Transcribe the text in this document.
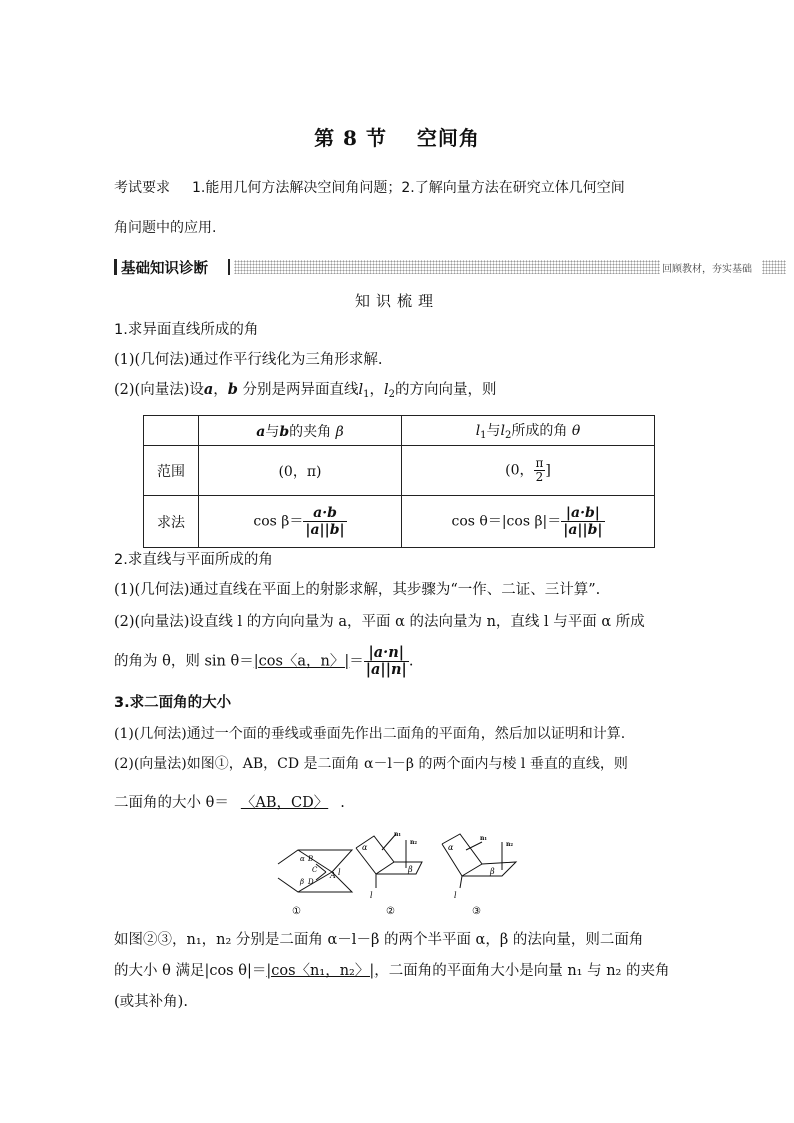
第 8 节 空间角
考试要求 1.能用几何方法解决空间角问题；2.了解向量方法在研究立体几何空间
角问题中的应用.
基础知识诊断	回顾教材，夯实基础
知识梳理
1.求异面直线所成的角
(1)(几何法)通过作平行线化为三角形求解.
(2)(向量法)设a，b 分别是两异面直线$l_1$，$l_2$的方向向量，则
	a与b的夹角 β	$l_1$与$l_2$所成的角 θ
范围	(0，π)	(0， $\frac{\pi}{2}$ ]
求法	$\cos \beta= \frac{a\cdot b}{|a||b|}$	cos θ＝|cos $\beta|= \frac{|a\cdot b|}{|a||b|}$
2.求直线与平面所成的角
(1)(几何法)通过直线在平面上的射影求解，其步骤为“一作、二证、三计算”.
(2)(向量法)设直线 l 的方向向量为 a，平面 α 的法向量为 n，直线 l 与平面 α 所成
的角为 θ，则 sin θ＝|cos〈a，n〉|＝ $\frac{|a\cdot n|}{|a||n|}$ .
3.求二面角的大小
(1)(几何法)通过一个面的垂线或垂面先作出二面角的平面角，然后加以证明和计算.
(2)(向量法)如图①，AB，CD 是二面角 α－l－β 的两个面内与棱 l 垂直的直线，则
二面角的大小 θ＝ 〈AB，CD〉 .
α B
C
β D
A l
①
α
β
l
n₁
n₂
②
α
β
l
n₁
n₂
③
如图②③，n₁，n₂ 分别是二面角 α－l－β 的两个半平面 α，β 的法向量，则二面角
的大小 θ 满足|cos θ|＝|cos〈n₁，n₂〉|，二面角的平面角大小是向量 n₁ 与 n₂ 的夹角
(或其补角).
